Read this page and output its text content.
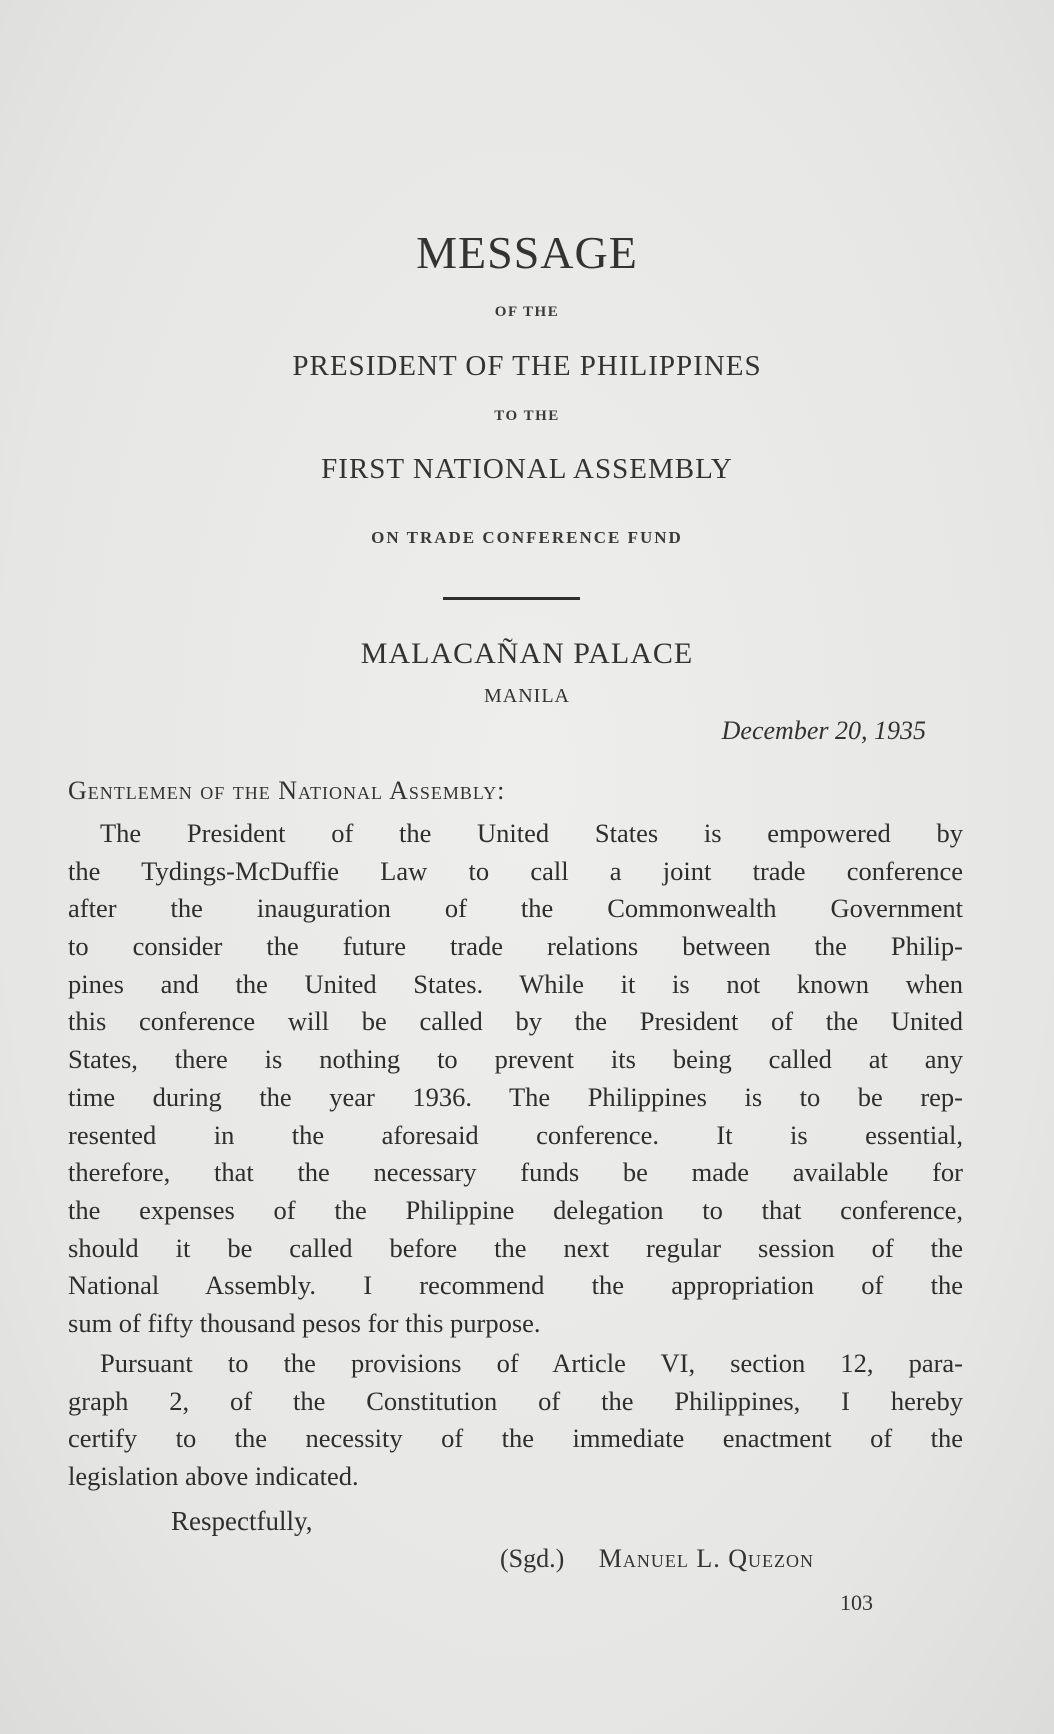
MESSAGE
OF THE
PRESIDENT OF THE PHILIPPINES
TO THE
FIRST NATIONAL ASSEMBLY
ON TRADE CONFERENCE FUND
MALACAÑAN PALACE
MANILA
December 20, 1935
Gentlemen of the National Assembly:
The President of the United States is empowered by
the Tydings-McDuffie Law to call a joint trade conference
after the inauguration of the Commonwealth Government
to consider the future trade relations between the Philip-
pines and the United States. While it is not known when
this conference will be called by the President of the United
States, there is nothing to prevent its being called at any
time during the year 1936. The Philippines is to be rep-
resented in the aforesaid conference. It is essential,
therefore, that the necessary funds be made available for
the expenses of the Philippine delegation to that conference,
should it be called before the next regular session of the
National Assembly. I recommend the appropriation of the
sum of fifty thousand pesos for this purpose.
Pursuant to the provisions of Article VI, section 12, para-
graph 2, of the Constitution of the Philippines, I hereby
certify to the necessity of the immediate enactment of the
legislation above indicated.
Respectfully,
(Sgd.) Manuel L. Quezon
103
